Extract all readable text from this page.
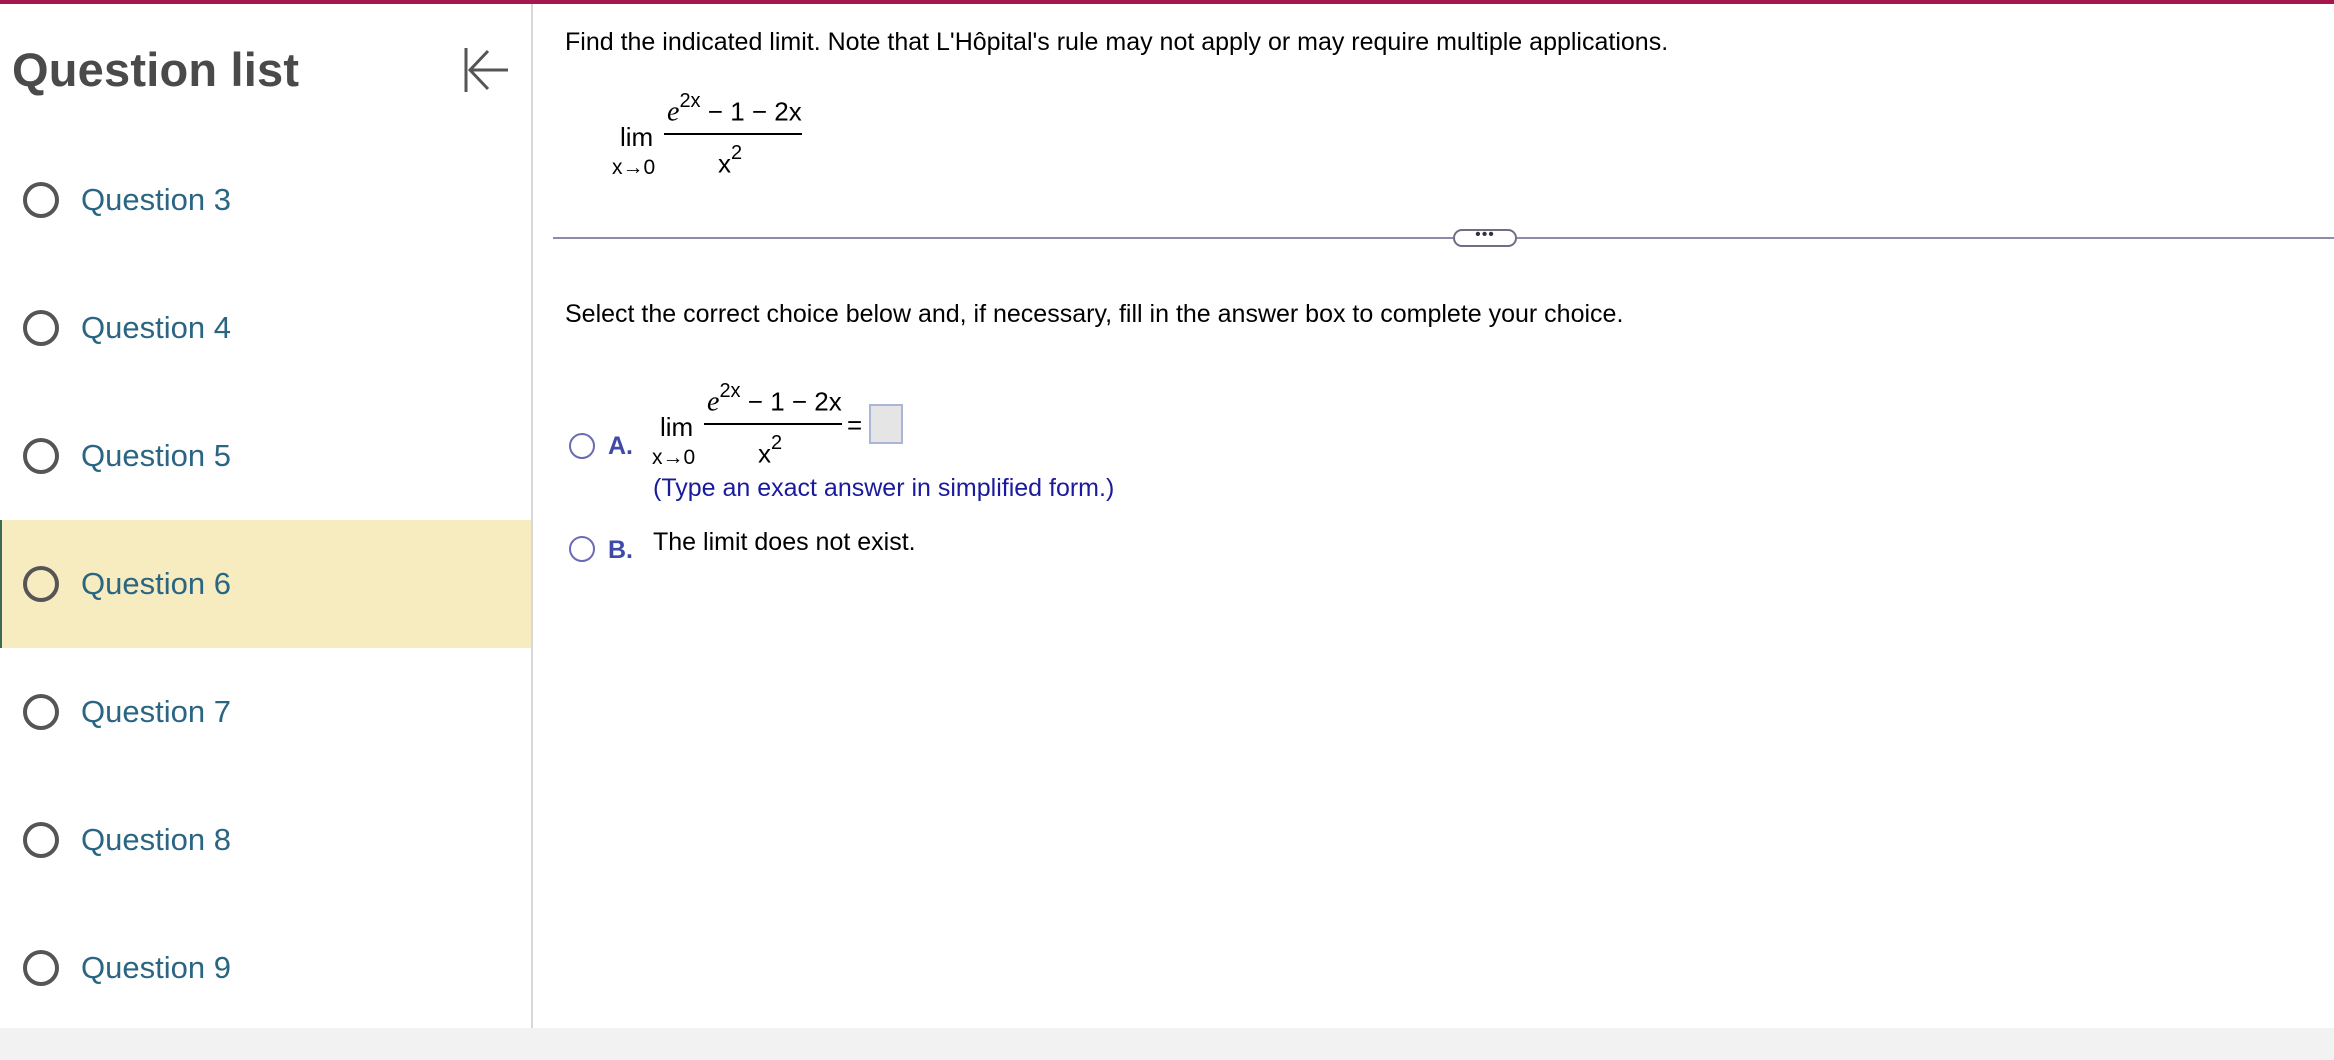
Question list
Question 3
Question 4
Question 5
Question 6
Question 7
Question 8
Question 9
Find the indicated limit. Note that L'Hôpital's rule may not apply or may require multiple applications.
lim
x→0
$e^{2x} - 1 - 2x$
$x^2$
•••
Select the correct choice below and, if necessary, fill in the answer box to complete your choice.
A.
lim
x→0
$e^{2x} - 1 - 2x$
$x^2$
=
(Type an exact answer in simplified form.)
B. The limit does not exist.
